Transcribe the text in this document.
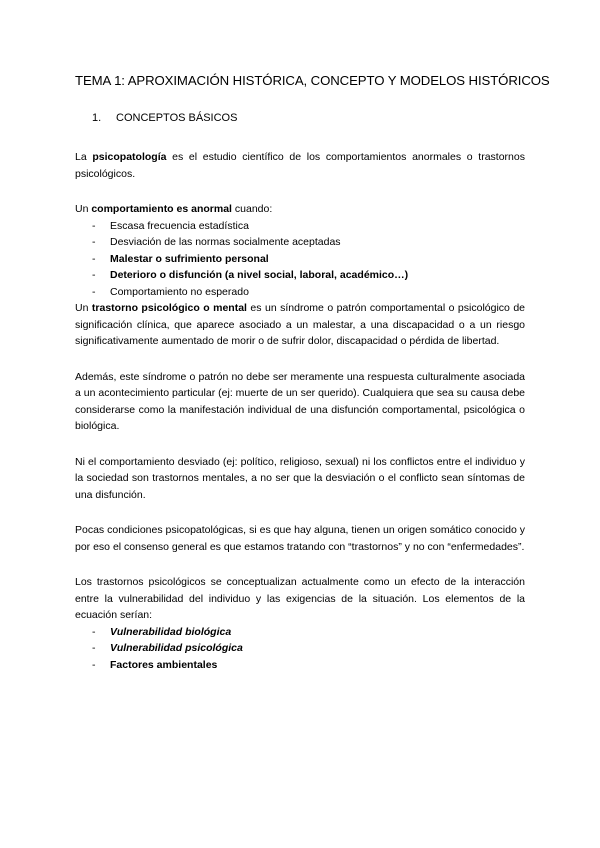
TEMA 1: APROXIMACIÓN HISTÓRICA, CONCEPTO Y MODELOS HISTÓRICOS
1.	CONCEPTOS BÁSICOS

La psicopatología es el estudio científico de los comportamientos anormales o trastornos psicológicos.

Un comportamiento es anormal cuando:

-	Escasa frecuencia estadística
-	Desviación de las normas socialmente aceptadas
-	Malestar o sufrimiento personal
-	Deterioro o disfunción (a nivel social, laboral, académico…)
-	Comportamiento no esperado

Un trastorno psicológico o mental es un síndrome o patrón comportamental o psicológico de significación clínica, que aparece asociado a un malestar, a una discapacidad o a un riesgo significativamente aumentado de morir o de sufrir dolor, discapacidad o pérdida de libertad.

Además, este síndrome o patrón no debe ser meramente una respuesta culturalmente asociada a un acontecimiento particular (ej: muerte de un ser querido). Cualquiera que sea su causa debe considerarse como la manifestación individual de una disfunción comportamental, psicológica o biológica.

Ni el comportamiento desviado (ej: político, religioso, sexual) ni los conflictos entre el individuo y la sociedad son trastornos mentales, a no ser que la desviación o el conflicto sean síntomas de una disfunción.

Pocas condiciones psicopatológicas, si es que hay alguna, tienen un origen somático conocido y por eso el consenso general es que estamos tratando con “trastornos” y no con “enfermedades”.

Los trastornos psicológicos se conceptualizan actualmente como un efecto de la interacción entre la vulnerabilidad del individuo y las exigencias de la situación. Los elementos de la ecuación serían:

-	Vulnerabilidad biológica
-	Vulnerabilidad psicológica
-	Factores ambientales
